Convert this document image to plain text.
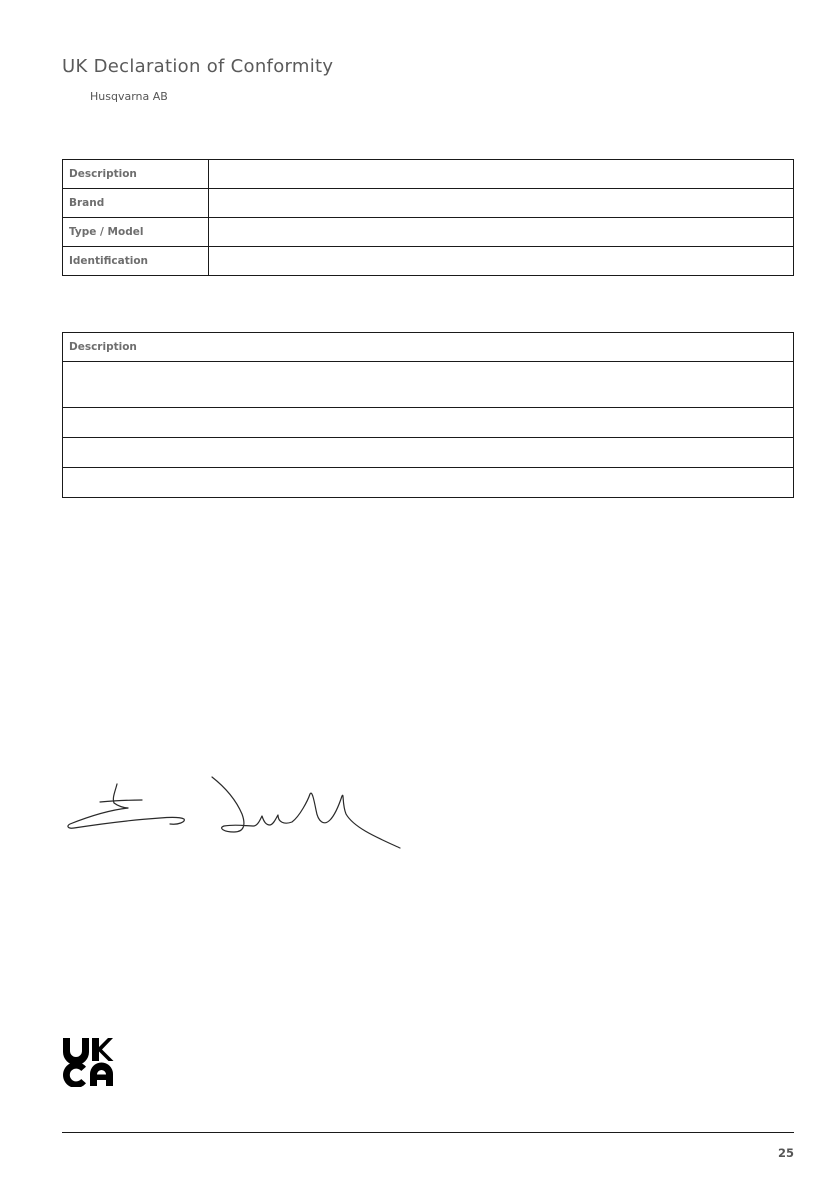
UK Declaration of Conformity

Husqvarna AB

Description	
Brand	
Type / Model	
Identification	
Description

25
